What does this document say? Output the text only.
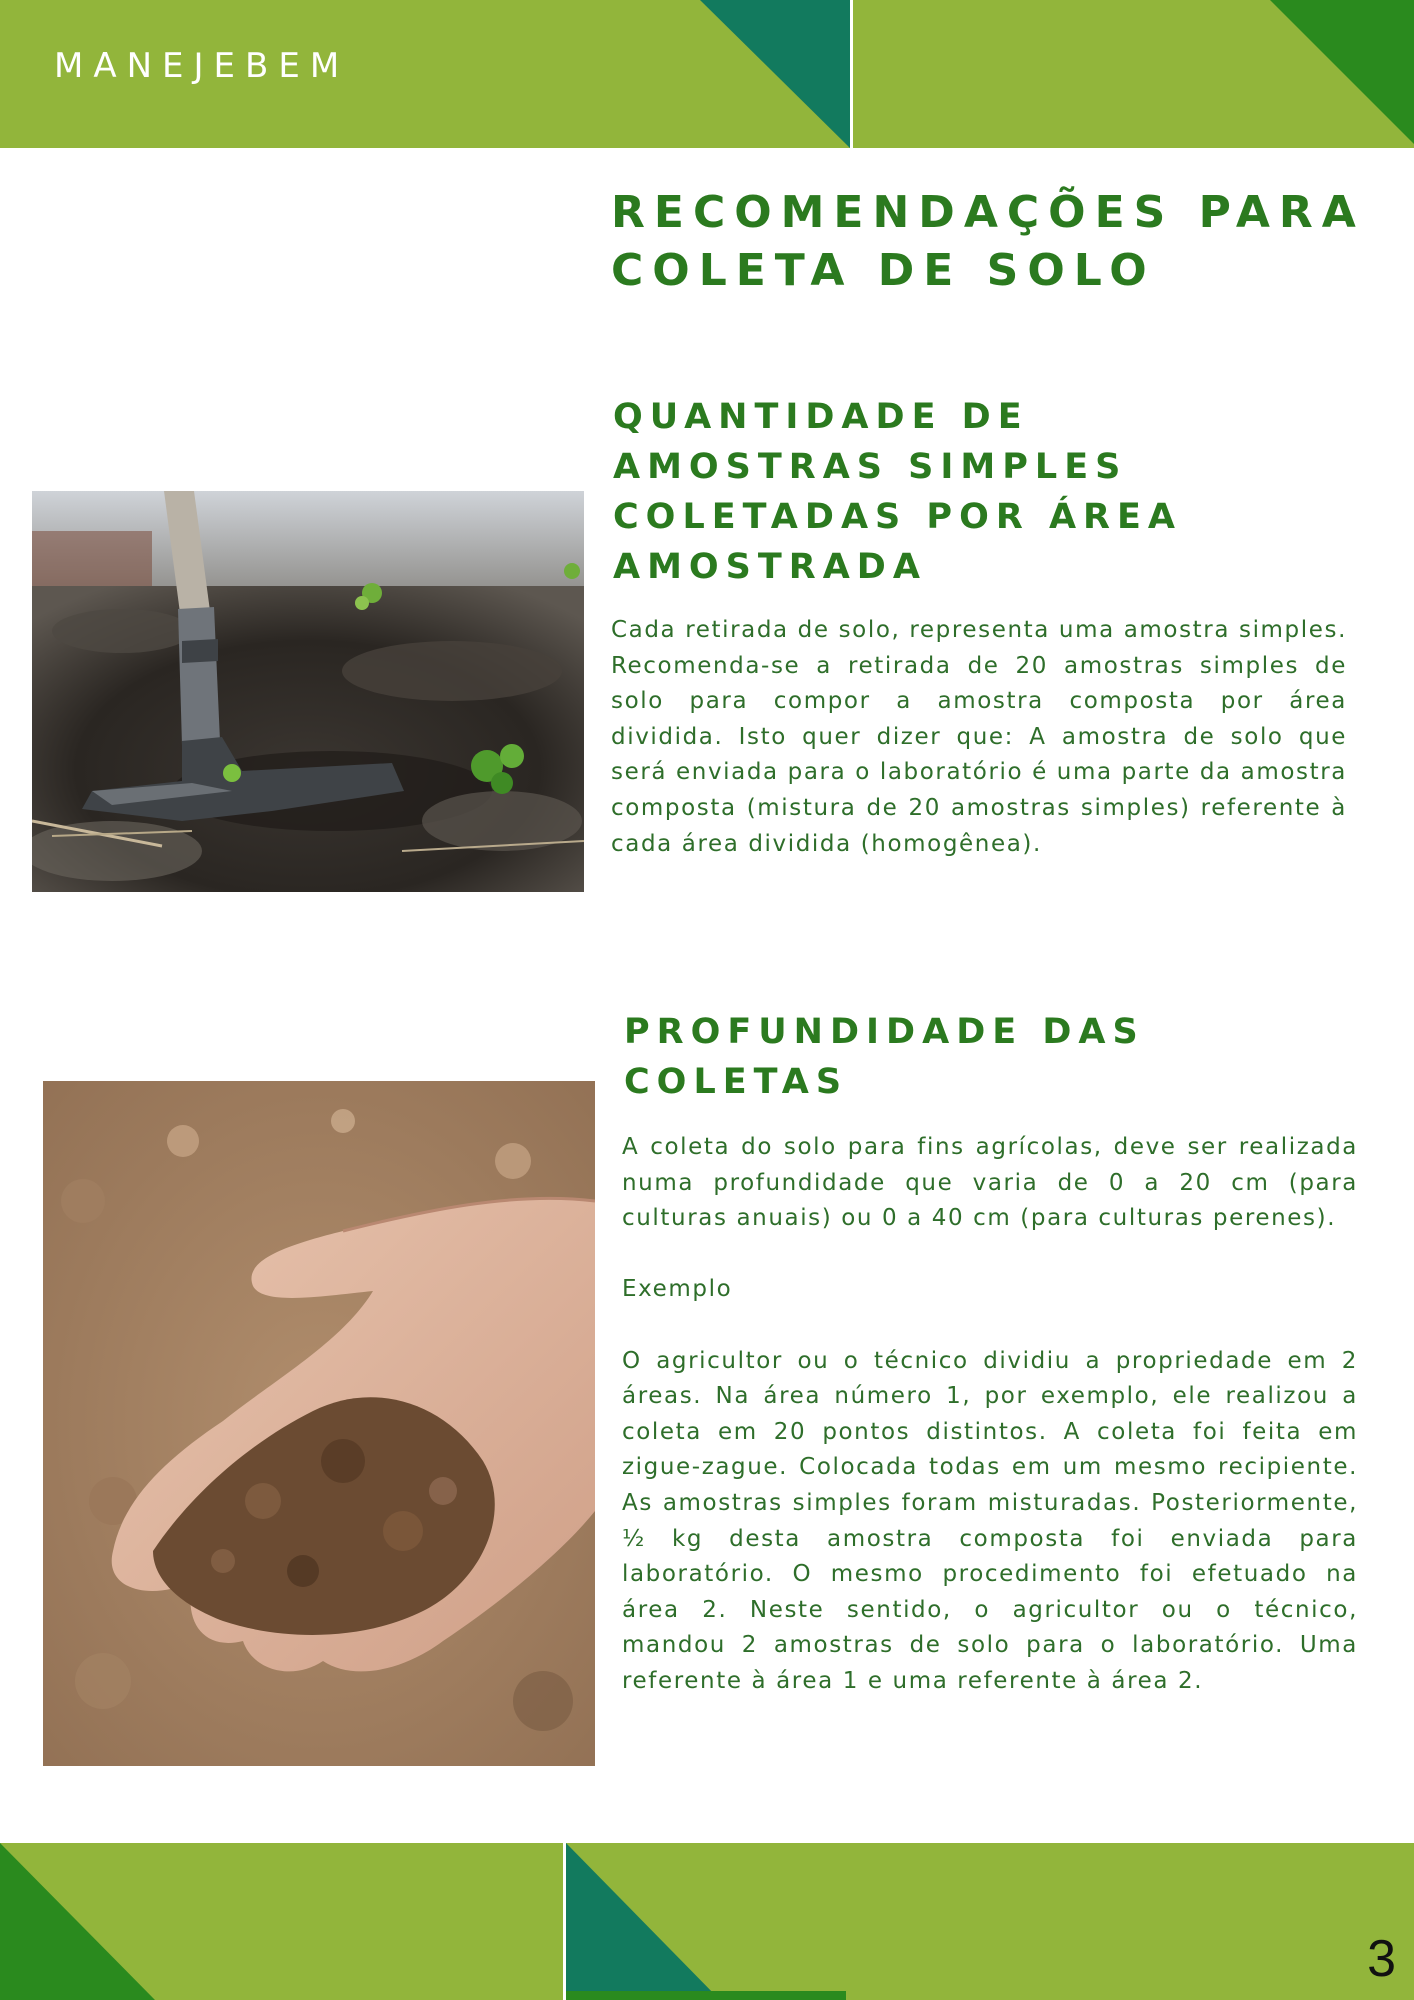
MANEJEBEM
RECOMENDAÇÕES PARA
COLETA DE SOLO
QUANTIDADE DE
AMOSTRAS SIMPLES
COLETADAS POR ÁREA
AMOSTRADA

Cada retirada de solo, representa uma amostra simples. Recomenda-se a retirada de 20 amostras simples de solo para compor a amostra composta por área dividida. Isto quer dizer que: A amostra de solo que será enviada para o laboratório é uma parte da amostra composta (mistura de 20 amostras simples) referente à cada área dividida (homogênea).

PROFUNDIDADE DAS
COLETAS

A coleta do solo para fins agrícolas, deve ser realizada numa profundidade que varia de 0 a 20 cm (para culturas anuais) ou 0 a 40 cm (para culturas perenes).

Exemplo

O agricultor ou o técnico dividiu a propriedade em 2 áreas. Na área número 1, por exemplo, ele realizou a coleta em 20 pontos distintos. A coleta foi feita em zigue-zague. Colocada todas em um mesmo recipiente. As amostras simples foram misturadas. Posteriormente, ½ kg desta amostra composta foi enviada para laboratório. O mesmo procedimento foi efetuado na área 2. Neste sentido, o agricultor ou o técnico, mandou 2 amostras de solo para o laboratório. Uma referente à área 1 e uma referente à área 2.

3
